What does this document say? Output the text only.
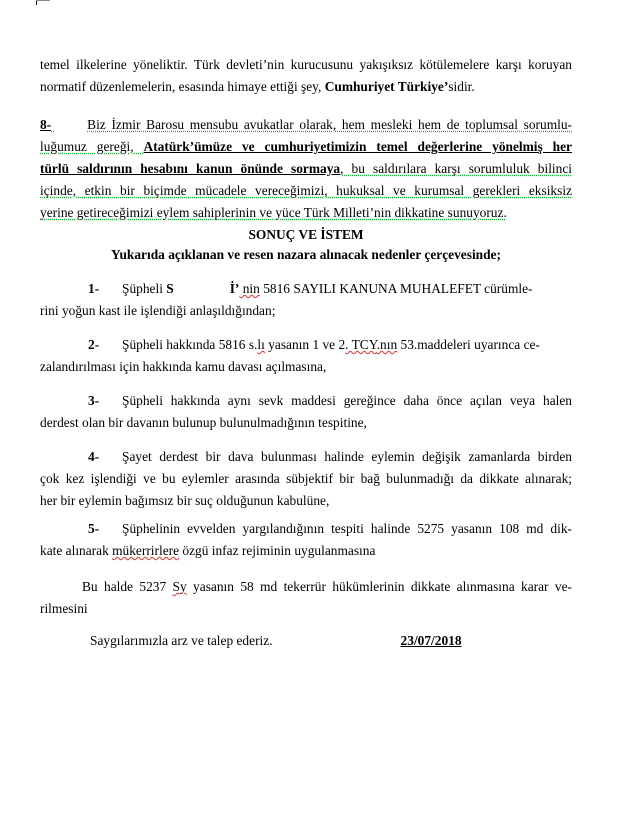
temel ilkelerine yöneliktir. Türk devleti’nin kurucusunu yakışıksız kötülemelere karşı koruyan

normatif düzenlemelerin, esasında himaye ettiği şey, Cumhuriyet Türkiye’sidir.

8-	Biz İzmir Barosu mensubu avukatlar olarak, hem mesleki hem de toplumsal sorumlu-

luğumuz gereği, Atatürk’ümüze ve cumhuriyetimizin temel değerlerine yönelmiş her

türlü saldırının hesabını kanun önünde sormaya, bu saldırılara karşı sorumluluk bilinci

içinde, etkin bir biçimde mücadele vereceğimizi, hukuksal ve kurumsal gerekleri eksiksiz

yerine getireceğimizi eylem sahiplerinin ve yüce Türk Milleti’nin dikkatine sunuyoruz.

SONUÇ VE İSTEM

Yukarıda açıklanan ve resen nazara alınacak nedenler çerçevesinde;

1- Şüpheli S	İ’ nin 5816 SAYILI KANUNA MUHALEFET cürümle-

rini yoğun kast ile işlendiği anlaşıldığından;

2- Şüpheli hakkında 5816 s.lı yasanın 1 ve 2. TCY.nın 53.maddeleri uyarınca ce-

zalandırılması için hakkında kamu davası açılmasına,

3- Şüpheli hakkında aynı sevk maddesi gereğince daha önce açılan veya halen

derdest olan bir davanın bulunup bulunulmadığının tespitine,

4- Şayet derdest bir dava bulunması halinde eylemin değişik zamanlarda birden

çok kez işlendiği ve bu eylemler arasında sübjektif bir bağ bulunmadığı da dikkate alınarak;

her bir eylemin bağımsız bir suç olduğunun kabulüne,

5- Şüphelinin evvelden yargılandığının tespiti halinde 5275 yasanın 108 md dik-

kate alınarak mükerrirlere özgü infaz rejiminin uygulanmasına

Bu halde 5237 Sy yasanın 58 md tekerrür hükümlerinin dikkate alınmasına karar ve-

rilmesini

Saygılarımızla arz ve talep ederiz.	23/07/2018
